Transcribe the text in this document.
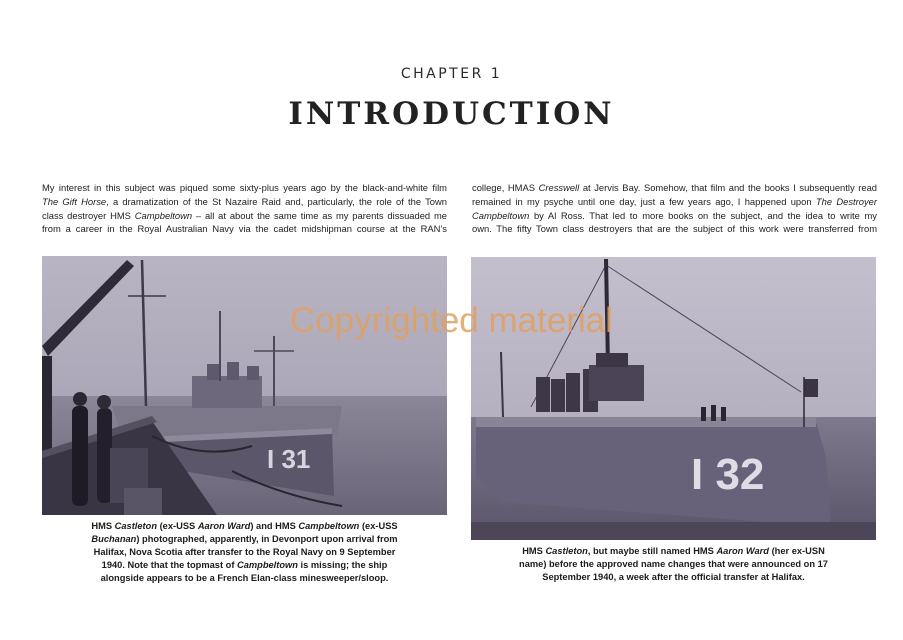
CHAPTER 1
INTRODUCTION
My interest in this subject was piqued some sixty-plus years ago by the black-and-white film
The Gift Horse, a dramatization of the St Nazaire Raid and, particularly, the role of the Town
class destroyer HMS Campbeltown – all at about the same time as my parents dissuaded me
from a career in the Royal Australian Navy via the cadet midshipman course at the RAN’s
college, HMAS Cresswell at Jervis Bay. Somehow, that film and the books I subsequently read
remained in my psyche until one day, just a few years ago, I happened upon The Destroyer
Campbeltown by Al Ross. That led to more books on the subject, and the idea to write my
own. The fifty Town class destroyers that are the subject of this work were transferred from
I 31	I 32
HMS Castleton (ex-USS Aaron Ward) and HMS Campbeltown (ex-USS
Buchanan) photographed, apparently, in Devonport upon arrival from
Halifax, Nova Scotia after transfer to the Royal Navy on 9 September
1940. Note that the topmast of Campbeltown is missing; the ship
alongside appears to be a French Elan-class minesweeper/sloop.
HMS Castleton, but maybe still named HMS Aaron Ward (her ex-USN
name) before the approved name changes that were announced on 17
September 1940, a week after the official transfer at Halifax.
Copyrighted material
